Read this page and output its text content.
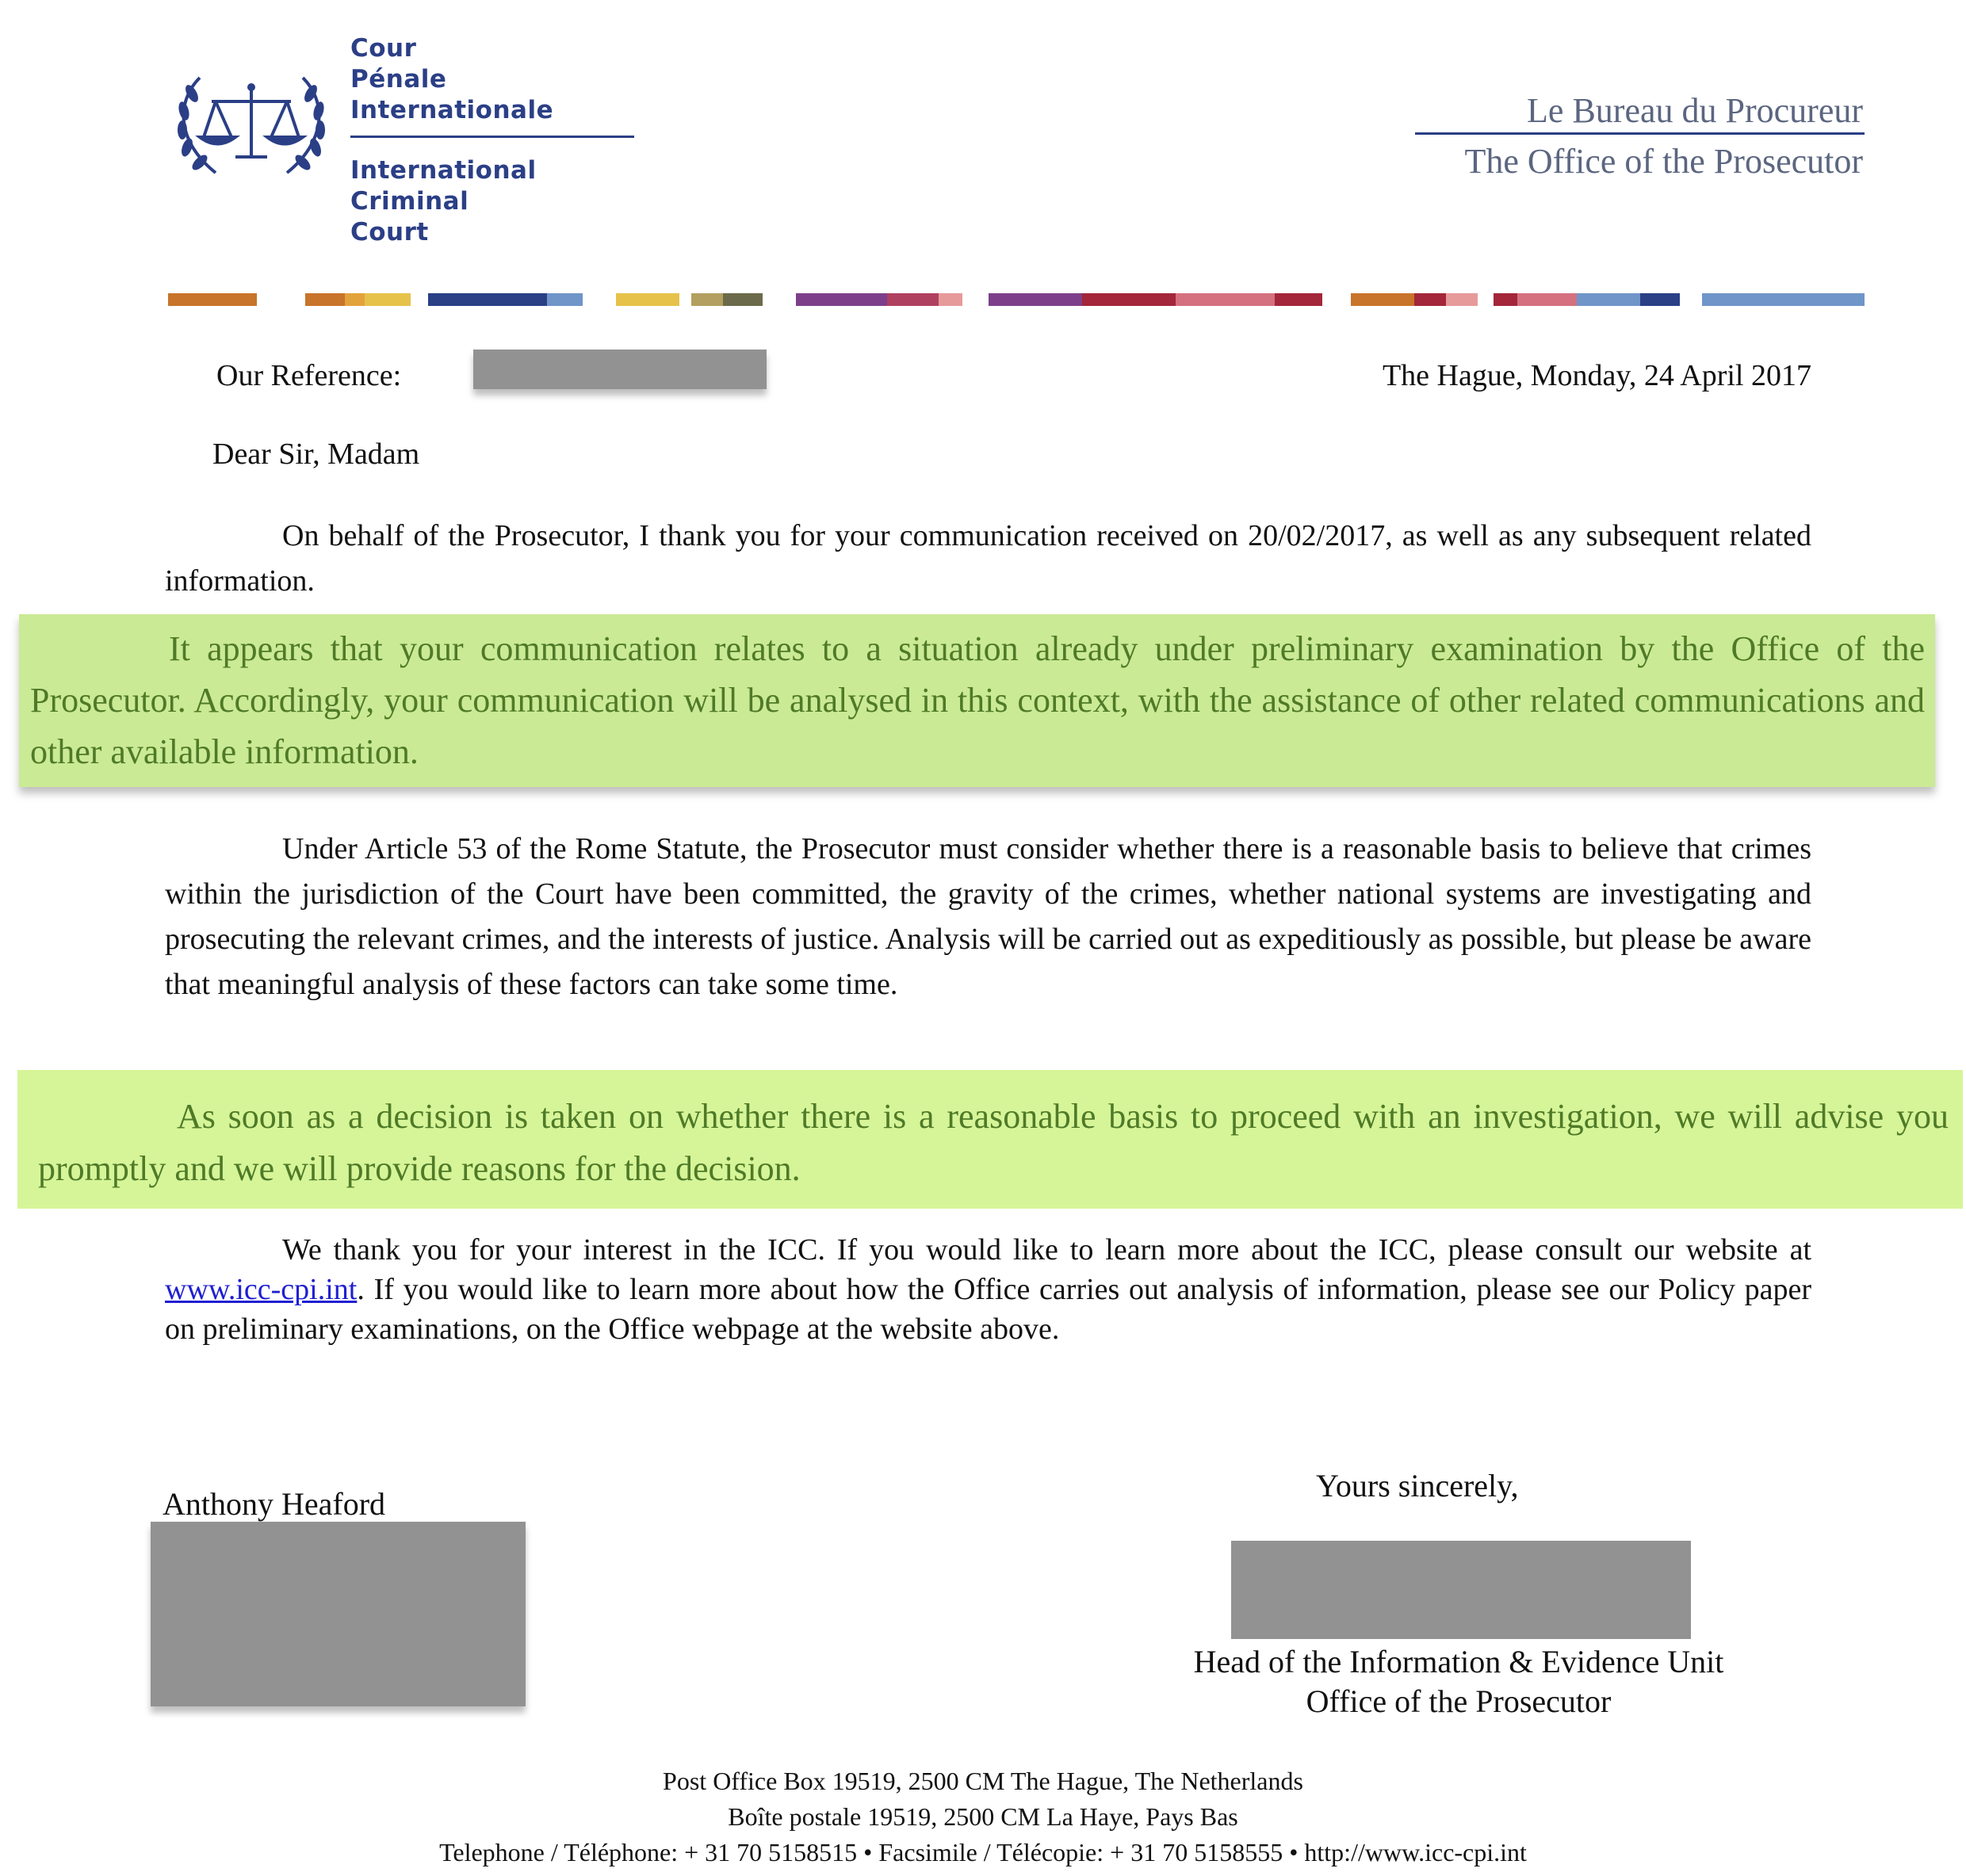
Cour
Pénale
Internationale
International
Criminal
Court
Le Bureau du Procureur
The Office of the Prosecutor
Our Reference:	The Hague, Monday, 24 April 2017
Dear Sir, Madam
On behalf of the Prosecutor, I thank you for your communication received on 20/02/2017, as well as any subsequent related information.
It appears that your communication relates to a situation already under preliminary examination by the Office of the Prosecutor. Accordingly, your communication will be analysed in this context, with the assistance of other related communications and other available information.
Under Article 53 of the Rome Statute, the Prosecutor must consider whether there is a reasonable basis to believe that crimes within the jurisdiction of the Court have been committed, the gravity of the crimes, whether national systems are investigating and prosecuting the relevant crimes, and the interests of justice. Analysis will be carried out as expeditiously as possible, but please be aware that meaningful analysis of these factors can take some time.
As soon as a decision is taken on whether there is a reasonable basis to proceed with an investigation, we will advise you promptly and we will provide reasons for the decision.
We thank you for your interest in the ICC. If you would like to learn more about the ICC, please consult our website at www.icc-cpi.int. If you would like to learn more about how the Office carries out analysis of information, please see our Policy paper on preliminary examinations, on the Office webpage at the website above.
Anthony Heaford
Yours sincerely,
Head of the Information & Evidence Unit
Office of the Prosecutor
Post Office Box 19519, 2500 CM The Hague, The Netherlands
Boîte postale 19519, 2500 CM La Haye, Pays Bas
Telephone / Téléphone: + 31 70 5158515 • Facsimile / Télécopie: + 31 70 5158555 • http://www.icc-cpi.int
